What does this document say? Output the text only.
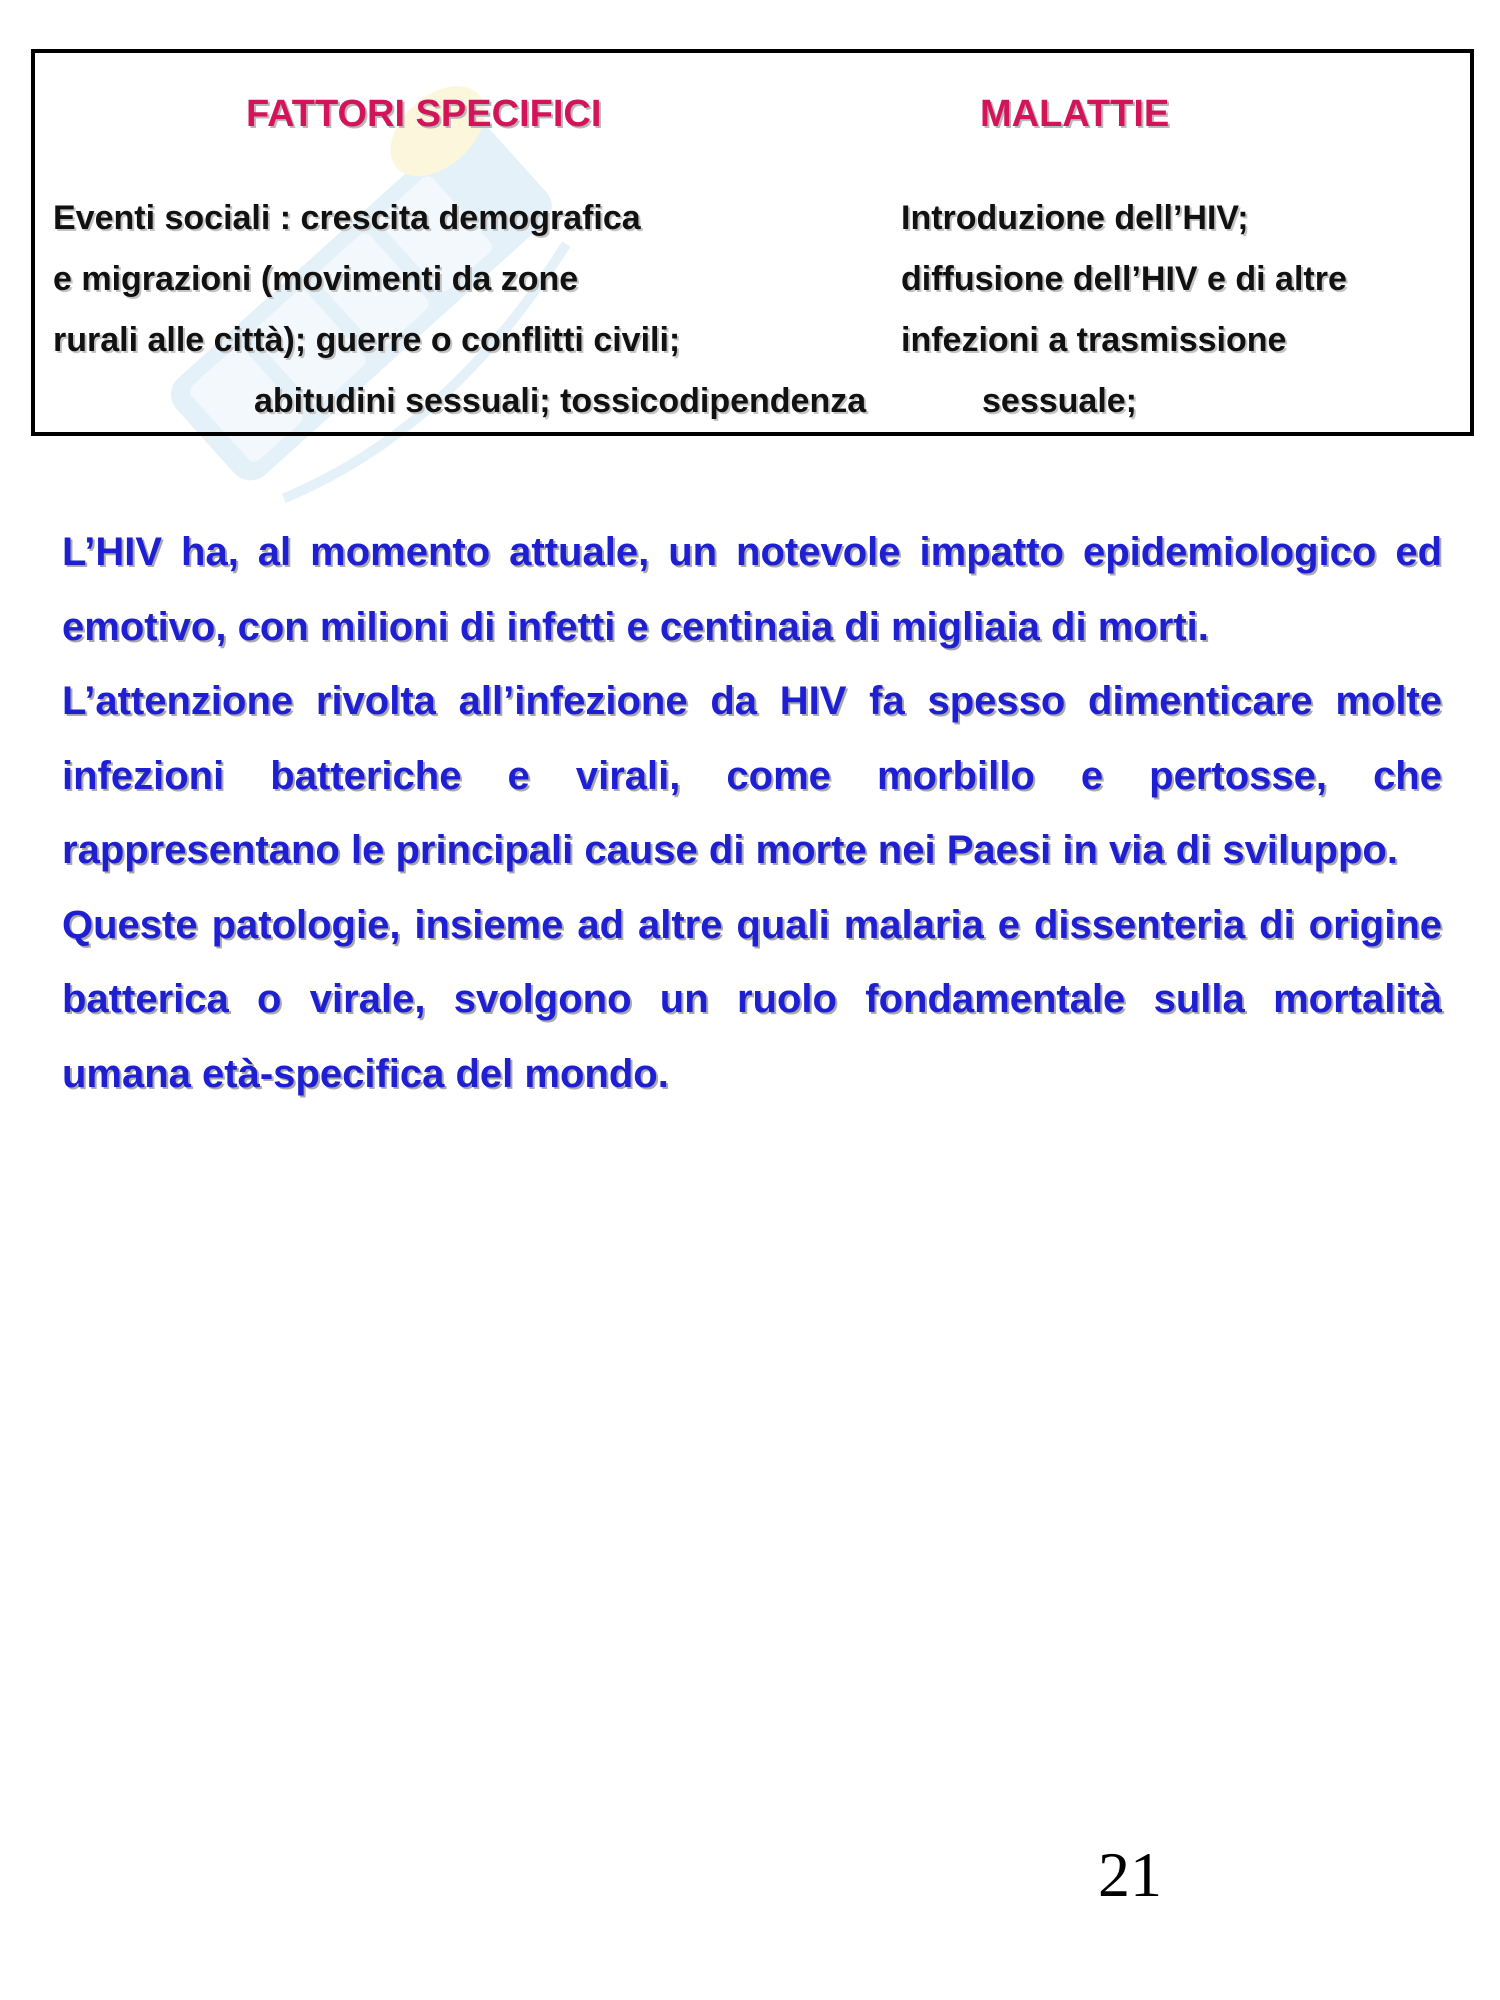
FATTORI SPECIFICI	MALATTIE
Eventi sociali : crescita demografica
e migrazioni (movimenti da zone
rurali alle città); guerre o conflitti civili;
abitudini sessuali; tossicodipendenza
Introduzione dell’HIV;
diffusione dell’HIV e di altre
infezioni a trasmissione
sessuale;

L’HIV ha, al momento attuale, un notevole impatto epidemiologico ed emotivo, con milioni di infetti e centinaia di migliaia di morti.

L’attenzione rivolta all’infezione da HIV fa spesso dimenticare molte infezioni batteriche e virali, come morbillo e pertosse, che rappresentano le principali cause di morte nei Paesi in via di sviluppo.

Queste patologie, insieme ad altre quali malaria e dissenteria di origine batterica o virale, svolgono un ruolo fondamentale sulla mortalità umana età-specifica del mondo.

21
